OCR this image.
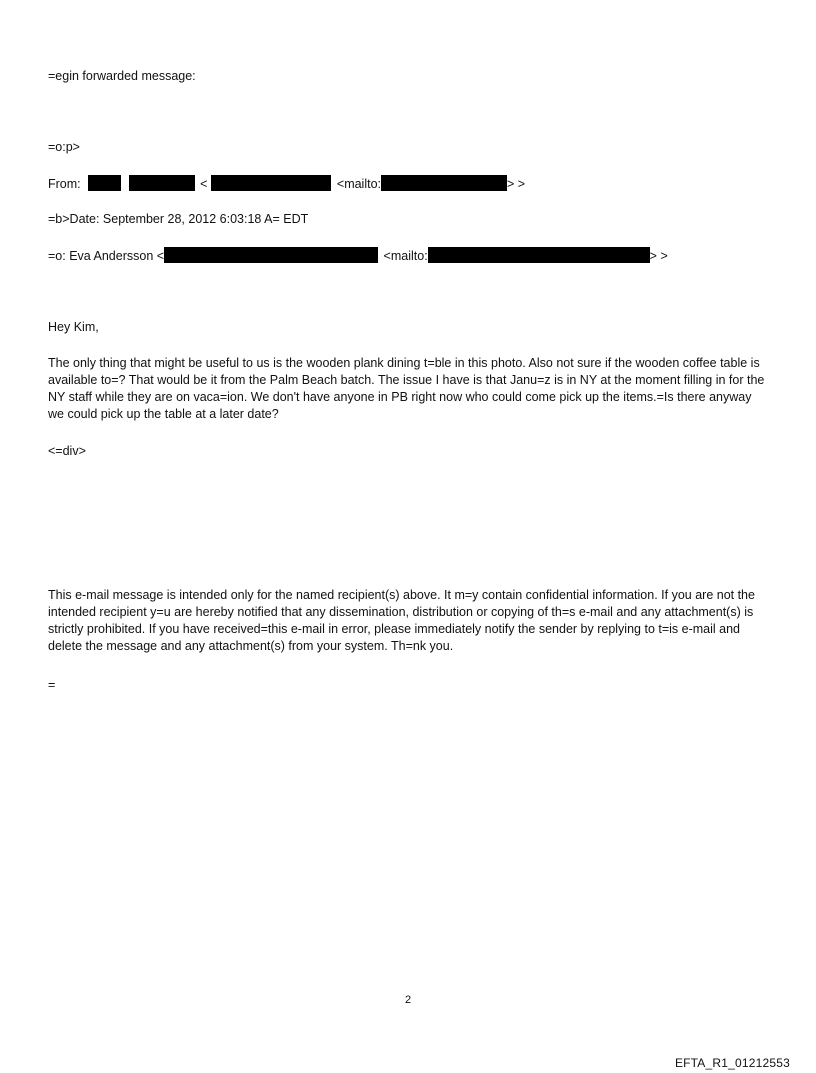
=egin forwarded message:
=o:p>
From:	<	<mailto:	> >
=b>Date: September 28, 2012 6:03:18 A= EDT
=o: Eva Andersson <	<mailto:	> >
Hey Kim,
The only thing that might be useful to us is the wooden plank dining t=ble in this photo. Also not sure if the wooden coffee table is available to=? That would be it from the Palm Beach batch. The issue I have is that Janu=z is in NY at the moment filling in for the NY staff while they are on vaca=ion. We don't have anyone in PB right now who could come pick up the items.=Is there anyway we could pick up the table at a later date?
<=div>
This e-mail message is intended only for the named recipient(s) above. It m=y contain confidential information. If you are not the intended recipient y=u are hereby notified that any dissemination, distribution or copying of th=s e-mail and any attachment(s) is strictly prohibited. If you have received=this e-mail in error, please immediately notify the sender by replying to t=is e-mail and delete the message and any attachment(s) from your system. Th=nk you.
=
2
EFTA_R1_01212553
